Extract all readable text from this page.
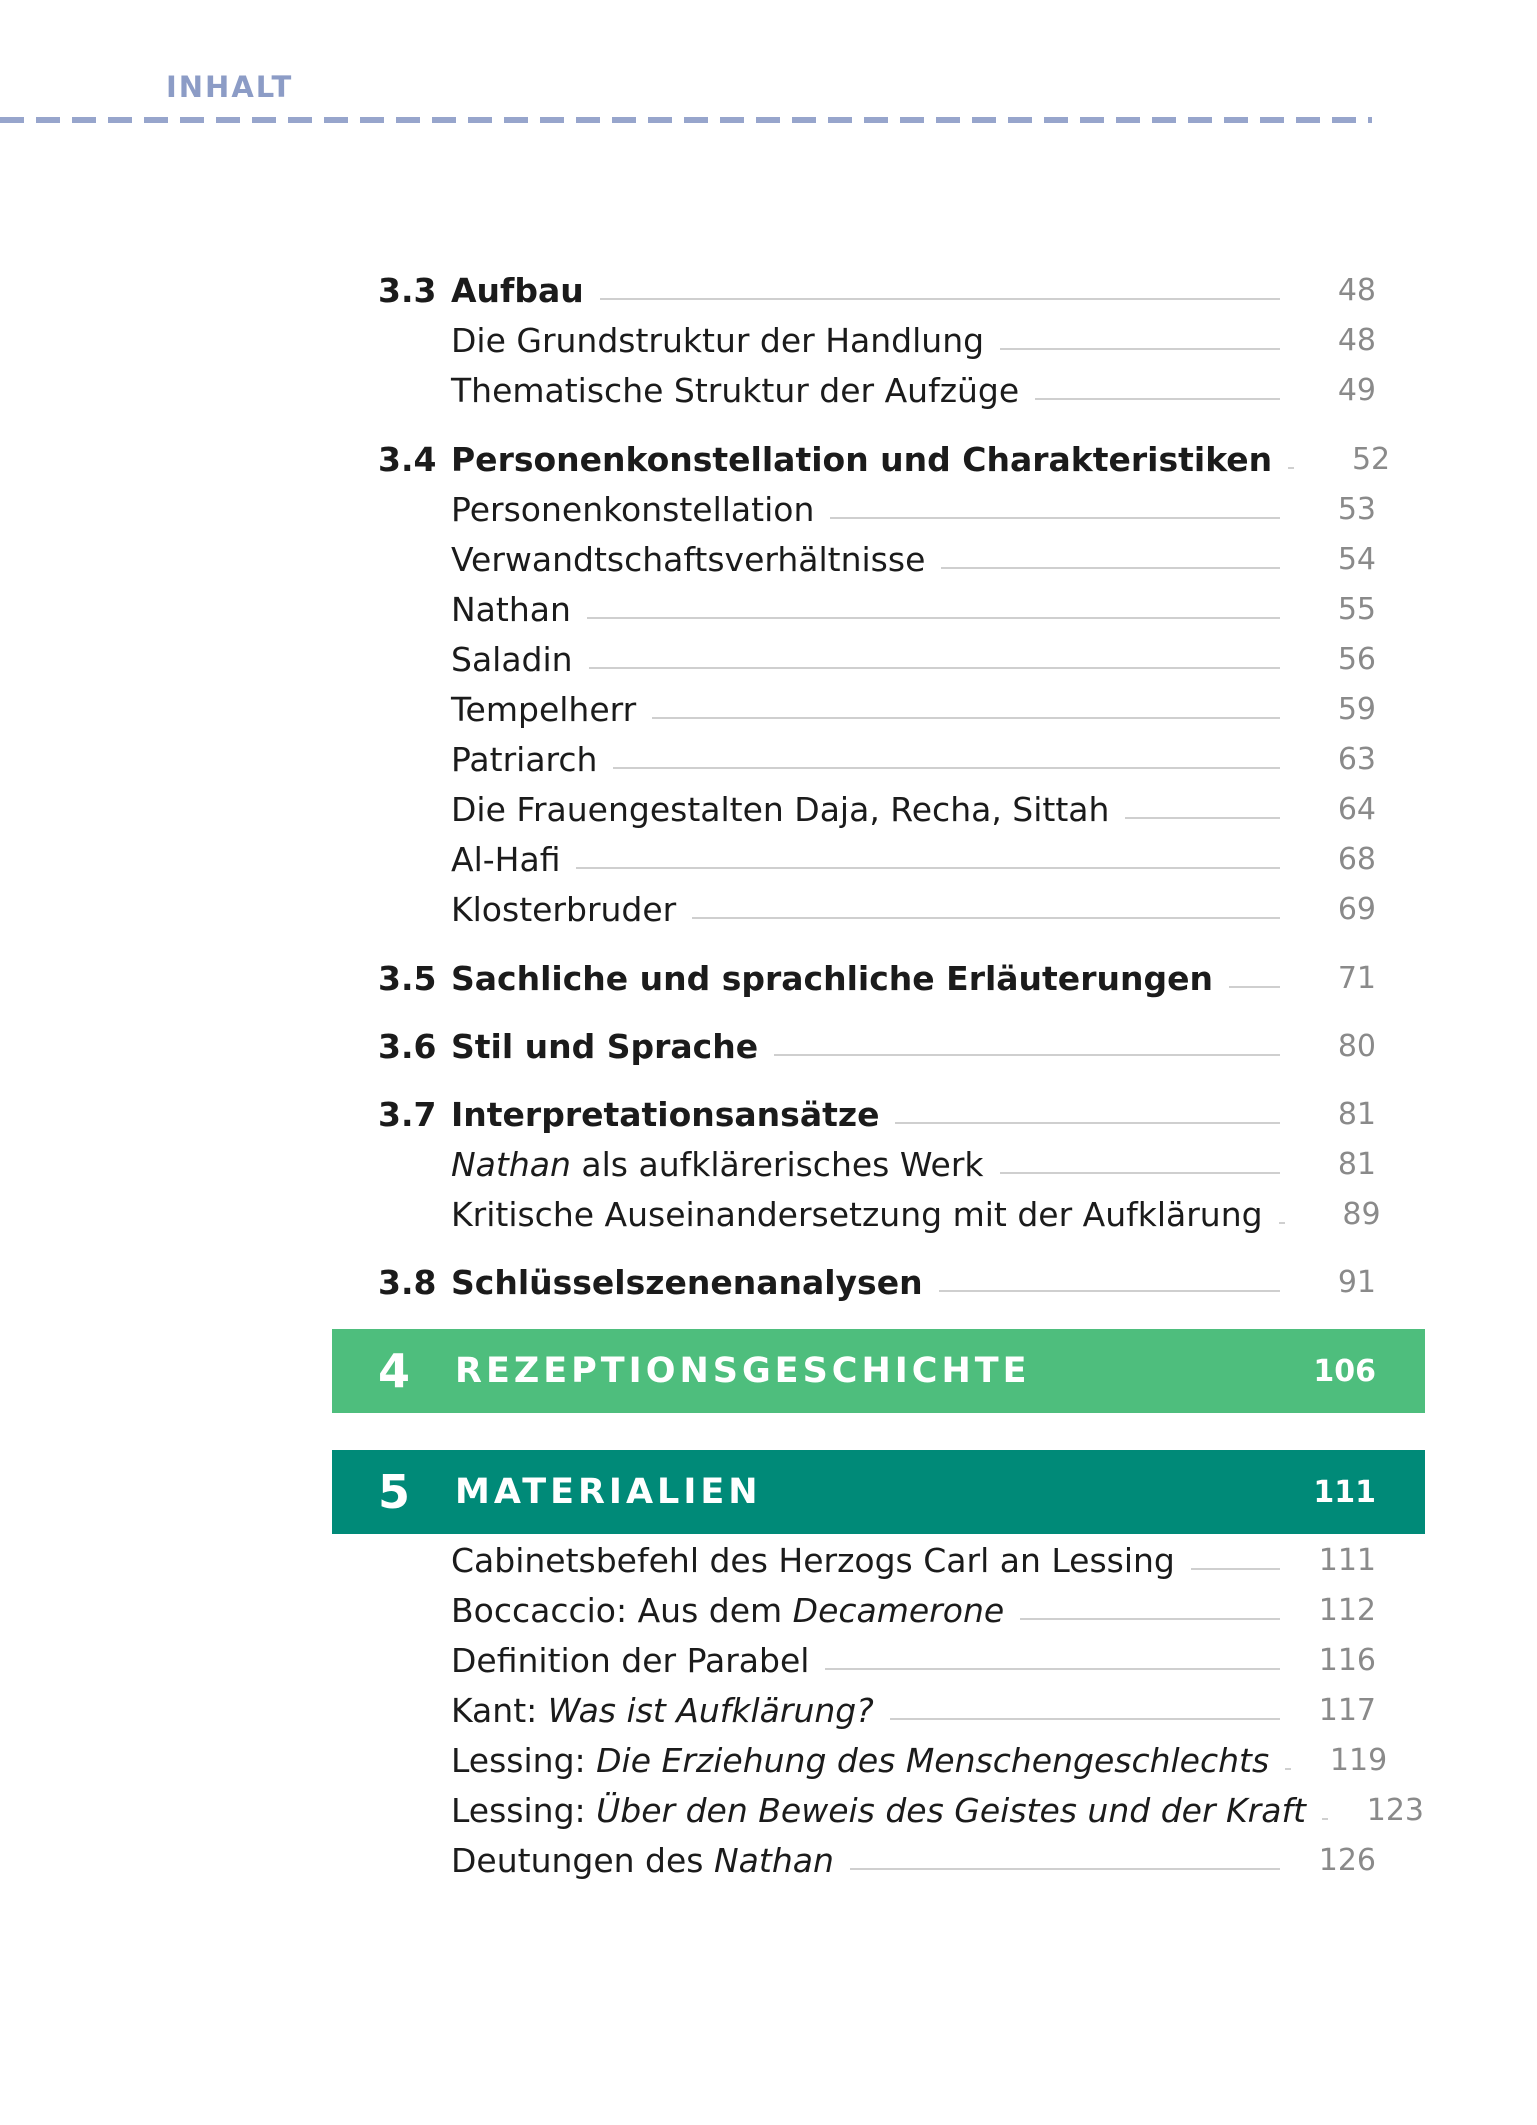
INHALT
3.3 Aufbau	48
Die Grundstruktur der Handlung	48
Thematische Struktur der Aufzüge	49
3.4 Personenkonstellation und Charakteristiken	52
Personenkonstellation	53
Verwandtschaftsverhältnisse	54
Nathan	55
Saladin	56
Tempelherr	59
Patriarch	63
Die Frauengestalten Daja, Recha, Sittah	64
Al-Hafi	68
Klosterbruder	69
3.5 Sachliche und sprachliche Erläuterungen	71
3.6 Stil und Sprache	80
3.7 Interpretationsansätze	81
Nathan als aufklärerisches Werk	81
Kritische Auseinandersetzung mit der Aufklärung	89
3.8 Schlüsselszenenanalysen	91
4	REZEPTIONSGESCHICHTE	106
5	MATERIALIEN	111
Cabinetsbefehl des Herzogs Carl an Lessing	111
Boccaccio: Aus dem Decamerone	112
Definition der Parabel	116
Kant: Was ist Aufklärung?	117
Lessing: Die Erziehung des Menschengeschlechts 119
Lessing: Über den Beweis des Geistes und der Kraft 123
Deutungen des Nathan	126
